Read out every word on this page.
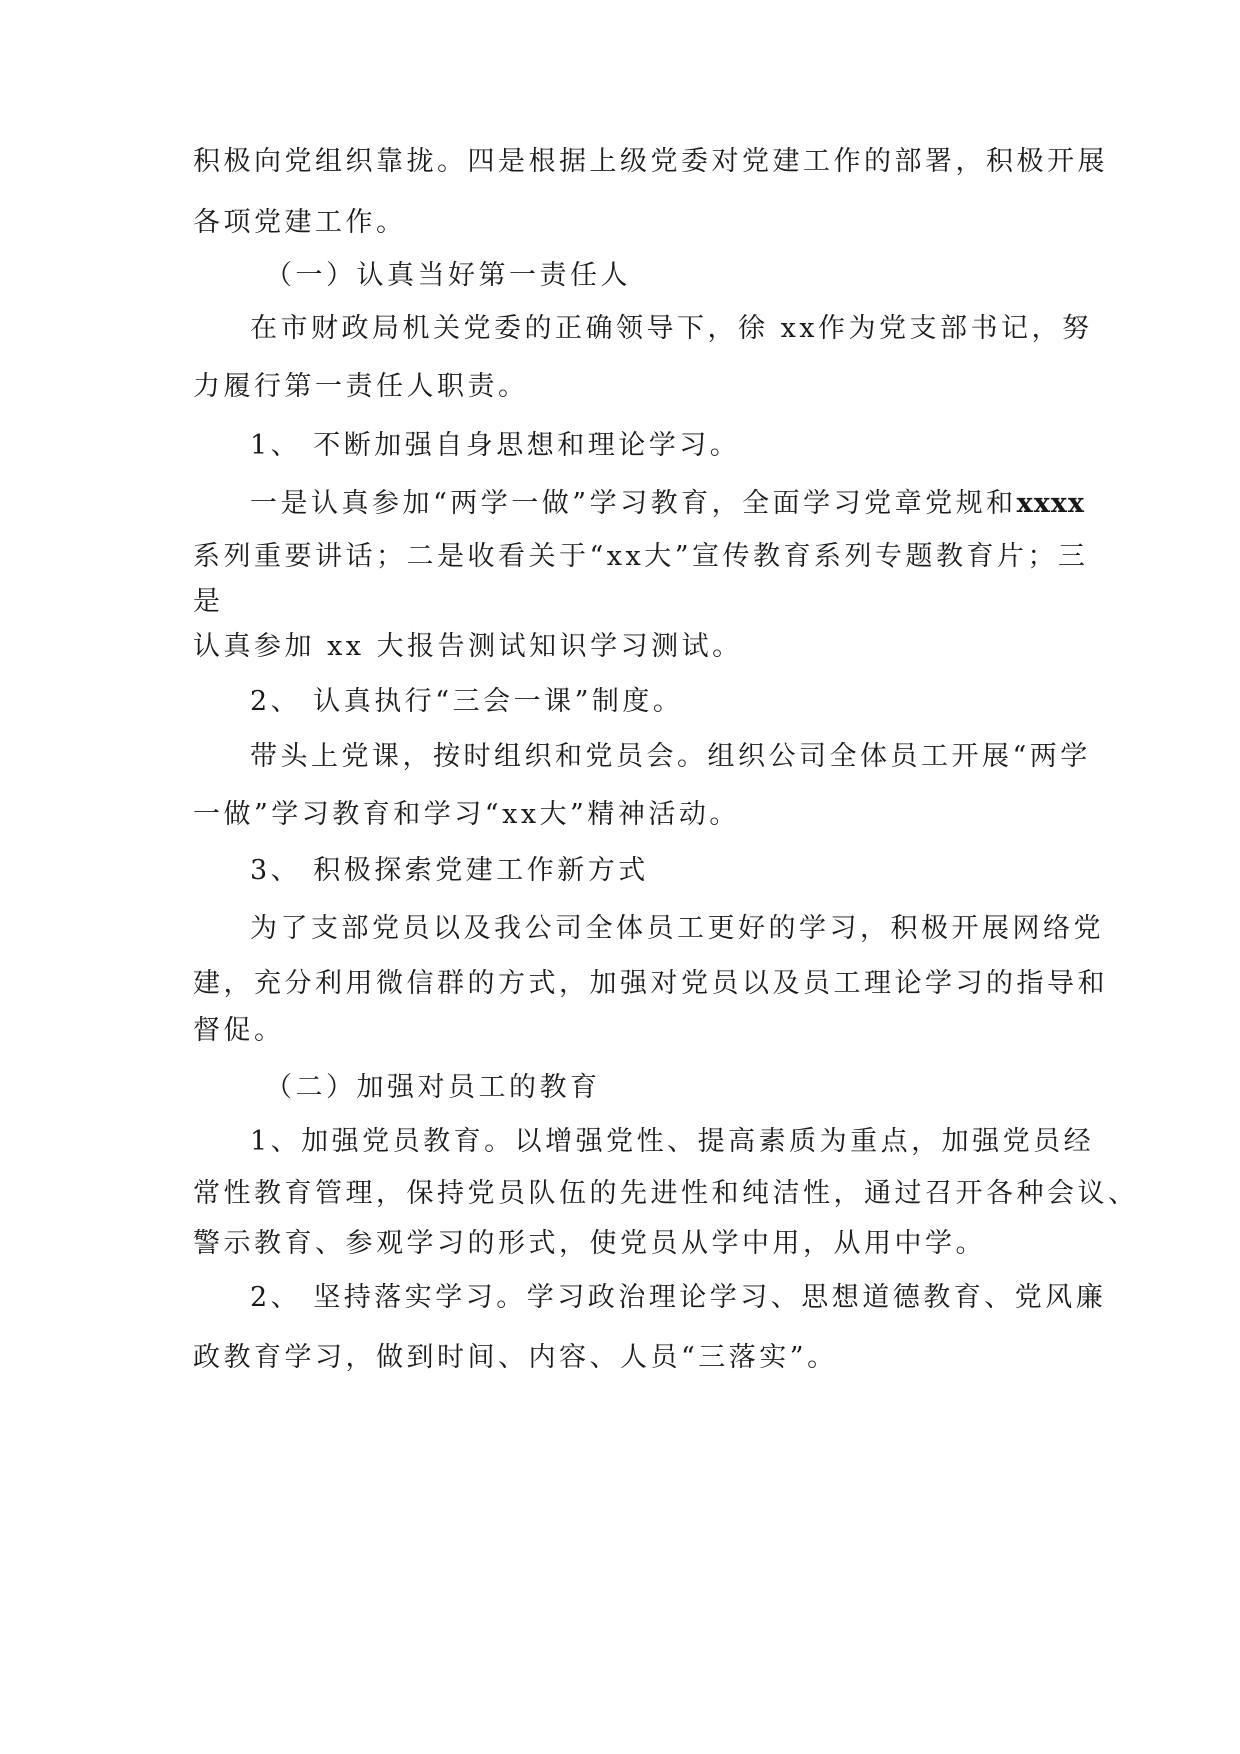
积极向党组织靠拢。四是根据上级党委对党建工作的部署，积极开展

各项党建工作。

（一）认真当好第一责任人

在市财政局机关党委的正确领导下，徐 xx作为党支部书记，努

力履行第一责任人职责。

1、 不断加强自身思想和理论学习。

一是认真参加“两学一做”学习教育，全面学习党章党规和xxxx

系列重要讲话；二是收看关于“xx大”宣传教育系列专题教育片；三

是

认真参加 xx 大报告测试知识学习测试。

2、 认真执行“三会一课”制度。

带头上党课，按时组织和党员会。组织公司全体员工开展“两学

一做”学习教育和学习“xx大”精神活动。

3、 积极探索党建工作新方式

为了支部党员以及我公司全体员工更好的学习，积极开展网络党

建，充分利用微信群的方式，加强对党员以及员工理论学习的指导和

督促。

（二）加强对员工的教育

1、加强党员教育。以增强党性、提高素质为重点，加强党员经

常性教育管理，保持党员队伍的先进性和纯洁性，通过召开各种会议、

警示教育、参观学习的形式，使党员从学中用，从用中学。

2、 坚持落实学习。学习政治理论学习、思想道德教育、党风廉

政教育学习，做到时间、内容、人员“三落实”。
